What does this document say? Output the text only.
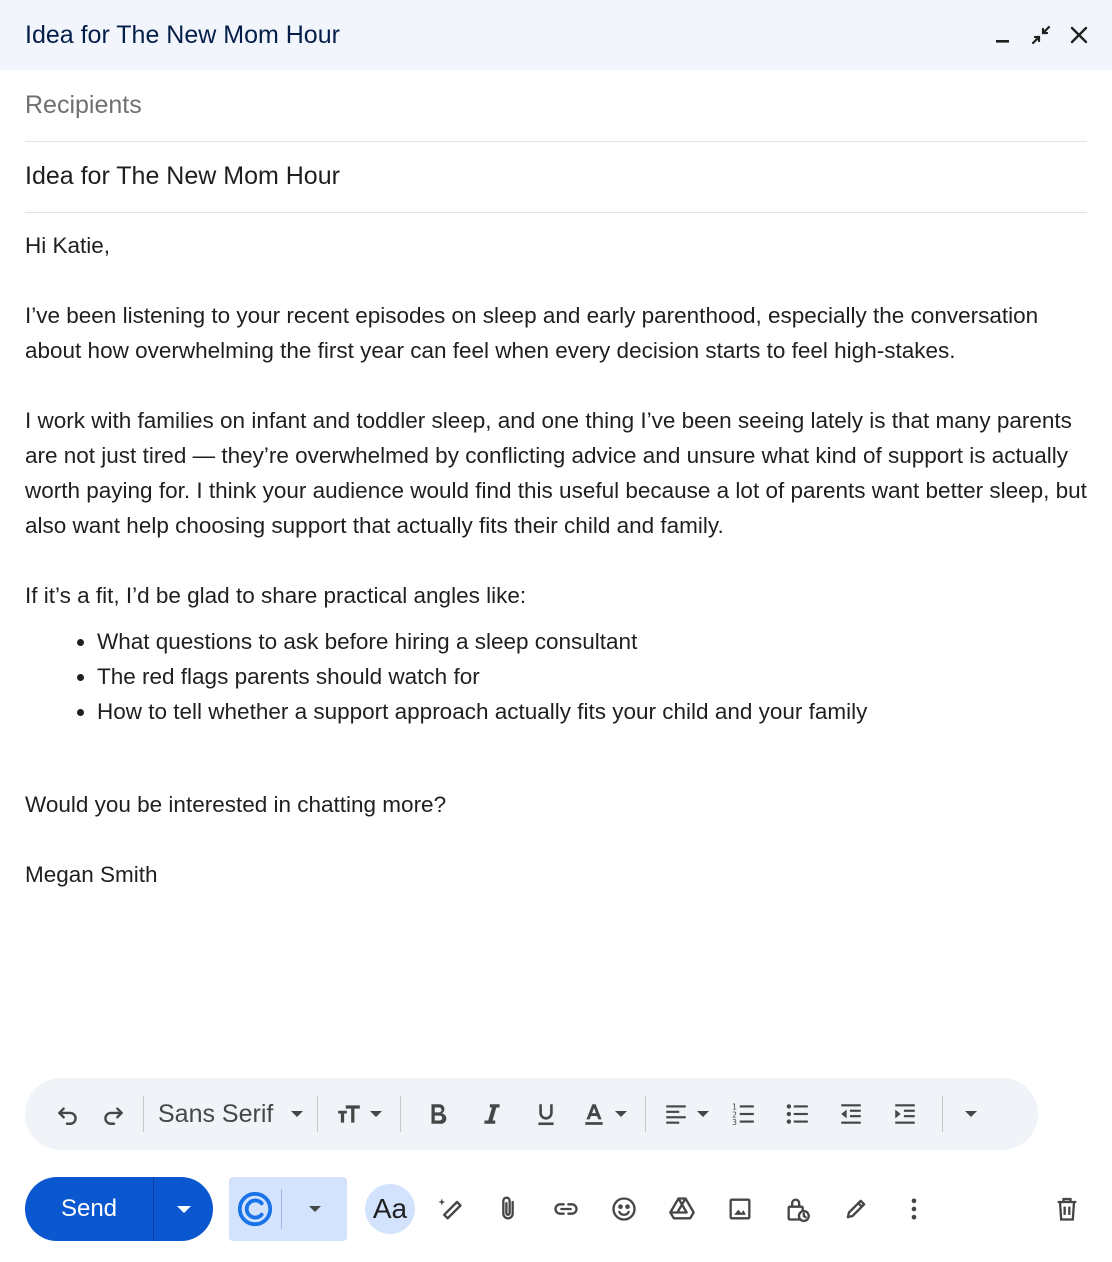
Idea for The New Mom Hour
Recipients
Idea for The New Mom Hour

Hi Katie,

I’ve been listening to your recent episodes on sleep and early parenthood, especially the conversation about how overwhelming the first year can feel when every decision starts to feel high-stakes.

I work with families on infant and toddler sleep, and one thing I’ve been seeing lately is that many parents are not just tired — they’re overwhelmed by conflicting advice and unsure what kind of support is actually worth paying for. I think your audience would find this useful because a lot of parents want better sleep, but also want help choosing support that actually fits their child and family.

If it’s a fit, I’d be glad to share practical angles like:

• What questions to ask before hiring a sleep consultant
• The red flags parents should watch for
• How to tell whether a support approach actually fits your child and your family

Would you be interested in chatting more?

Megan Smith

Sans Serif	1
2
3
Send	Aa
